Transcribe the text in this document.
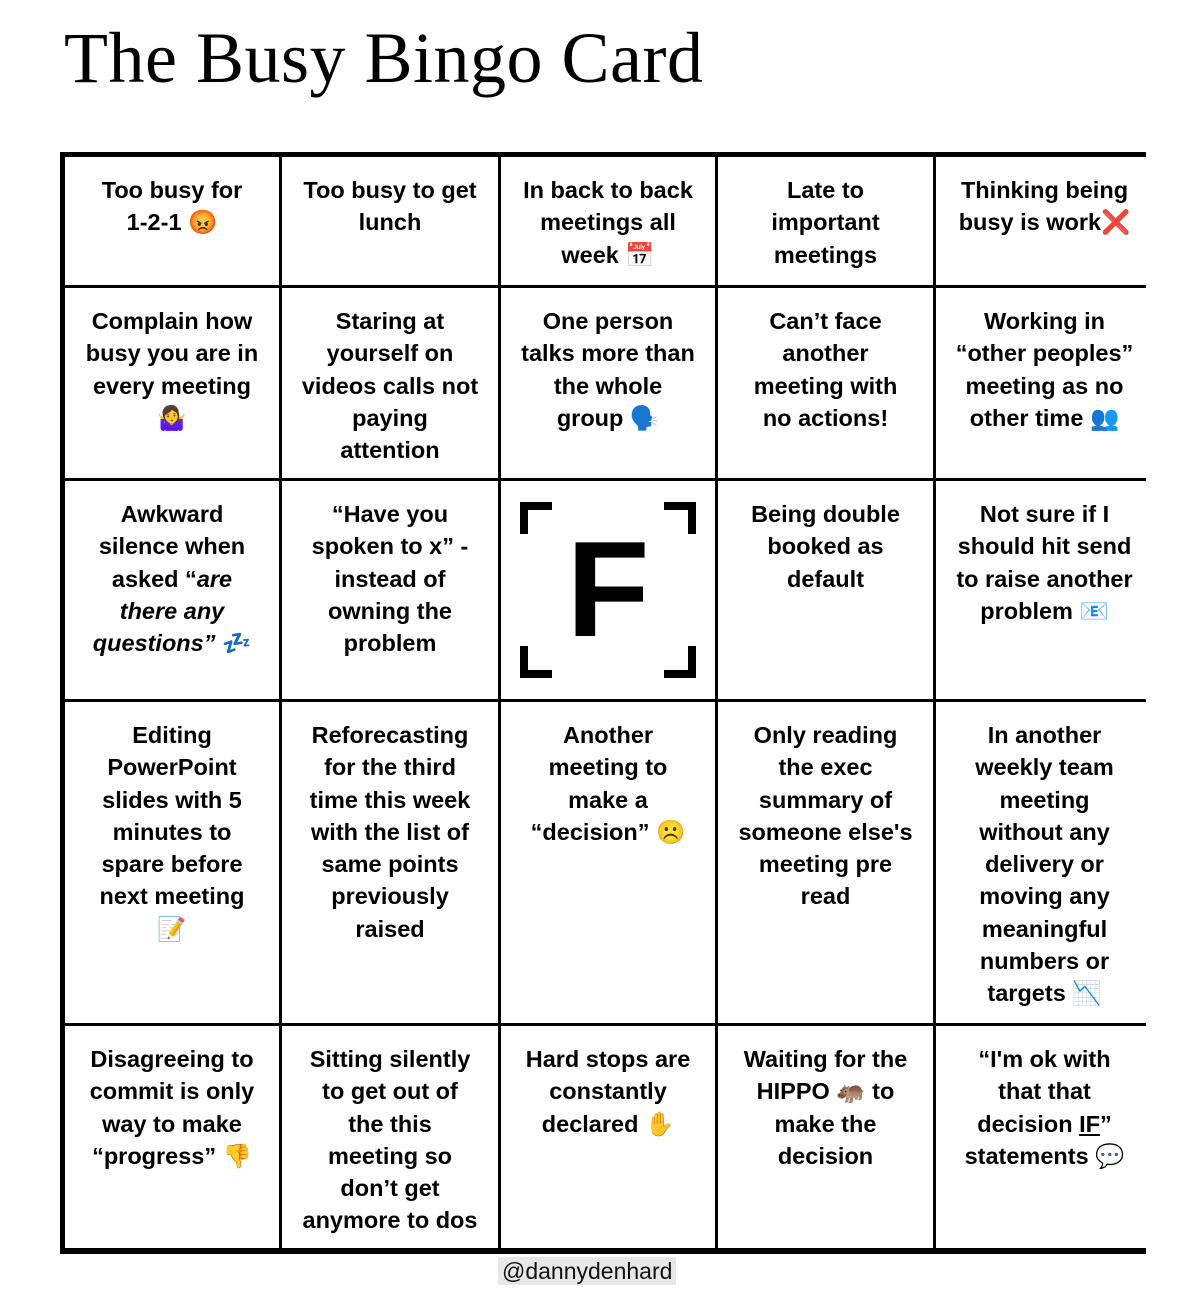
The Busy Bingo Card
Too busy for
1-2-1 😡
Too busy to get
lunch
In back to back
meetings all
week 📅
Late to
important
meetings
Thinking being
busy is work❌
Complain how
busy you are in
every meeting
🤷‍♀️
Staring at
yourself on
videos calls not
paying
attention
One person
talks more than
the whole
group 🗣️
Can’t face
another
meeting with
no actions!
Working in
“other peoples”
meeting as no
other time 👥
Awkward
silence when
asked “are
there any
questions” 💤
“Have you
spoken to x” -
instead of
owning the
problem F	Being double
booked as
default
Not sure if I
should hit send
to raise another
problem 📧
Editing
PowerPoint
slides with 5
minutes to
spare before
next meeting
📝
Reforecasting
for the third
time this week
with the list of
same points
previously
raised
Another
meeting to
make a
“decision” ☹️
Only reading
the exec
summary of
someone else's
meeting pre
read
In another
weekly team
meeting
without any
delivery or
moving any
meaningful
numbers or
targets 📉
Disagreeing to
commit is only
way to make
“progress” 👎
Sitting silently
to get out of
the this
meeting so
don’t get
anymore to dos
Hard stops are
constantly
declared ✋
Waiting for the
HIPPO 🦛 to
make the
decision
“I'm ok with
that that
decision IF”
statements 💬
@dannydenhard
